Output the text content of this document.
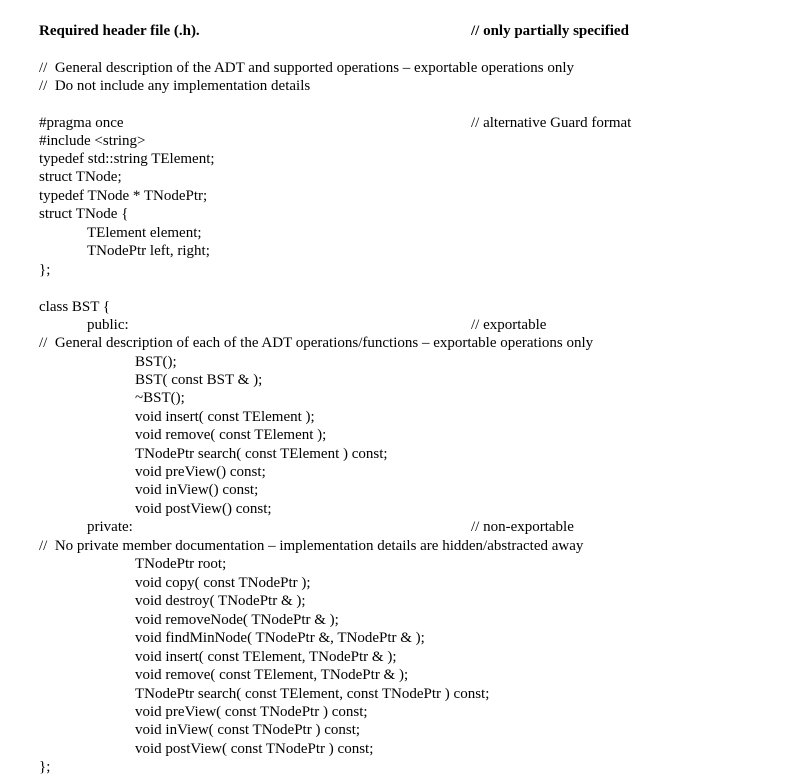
Required header file (.h).	// only partially specified
//  General description of the ADT and supported operations – exportable operations only
//  Do not include any implementation details
#pragma once	// alternative Guard format
#include <string>
typedef std::string TElement;
struct TNode;
typedef TNode * TNodePtr;
struct TNode {
TElement element;
TNodePtr left, right;
};
class BST {
public:	// exportable
//  General description of each of the ADT operations/functions – exportable operations only
BST();
BST( const BST & );
~BST();
void insert( const TElement );
void remove( const TElement );
TNodePtr search( const TElement ) const;
void preView() const;
void inView() const;
void postView() const;
private:	// non-exportable
//  No private member documentation – implementation details are hidden/abstracted away
TNodePtr root;
void copy( const TNodePtr );
void destroy( TNodePtr & );
void removeNode( TNodePtr & );
void findMinNode( TNodePtr &, TNodePtr & );
void insert( const TElement, TNodePtr & );
void remove( const TElement, TNodePtr & );
TNodePtr search( const TElement, const TNodePtr ) const;
void preView( const TNodePtr ) const;
void inView( const TNodePtr ) const;
void postView( const TNodePtr ) const;
};
